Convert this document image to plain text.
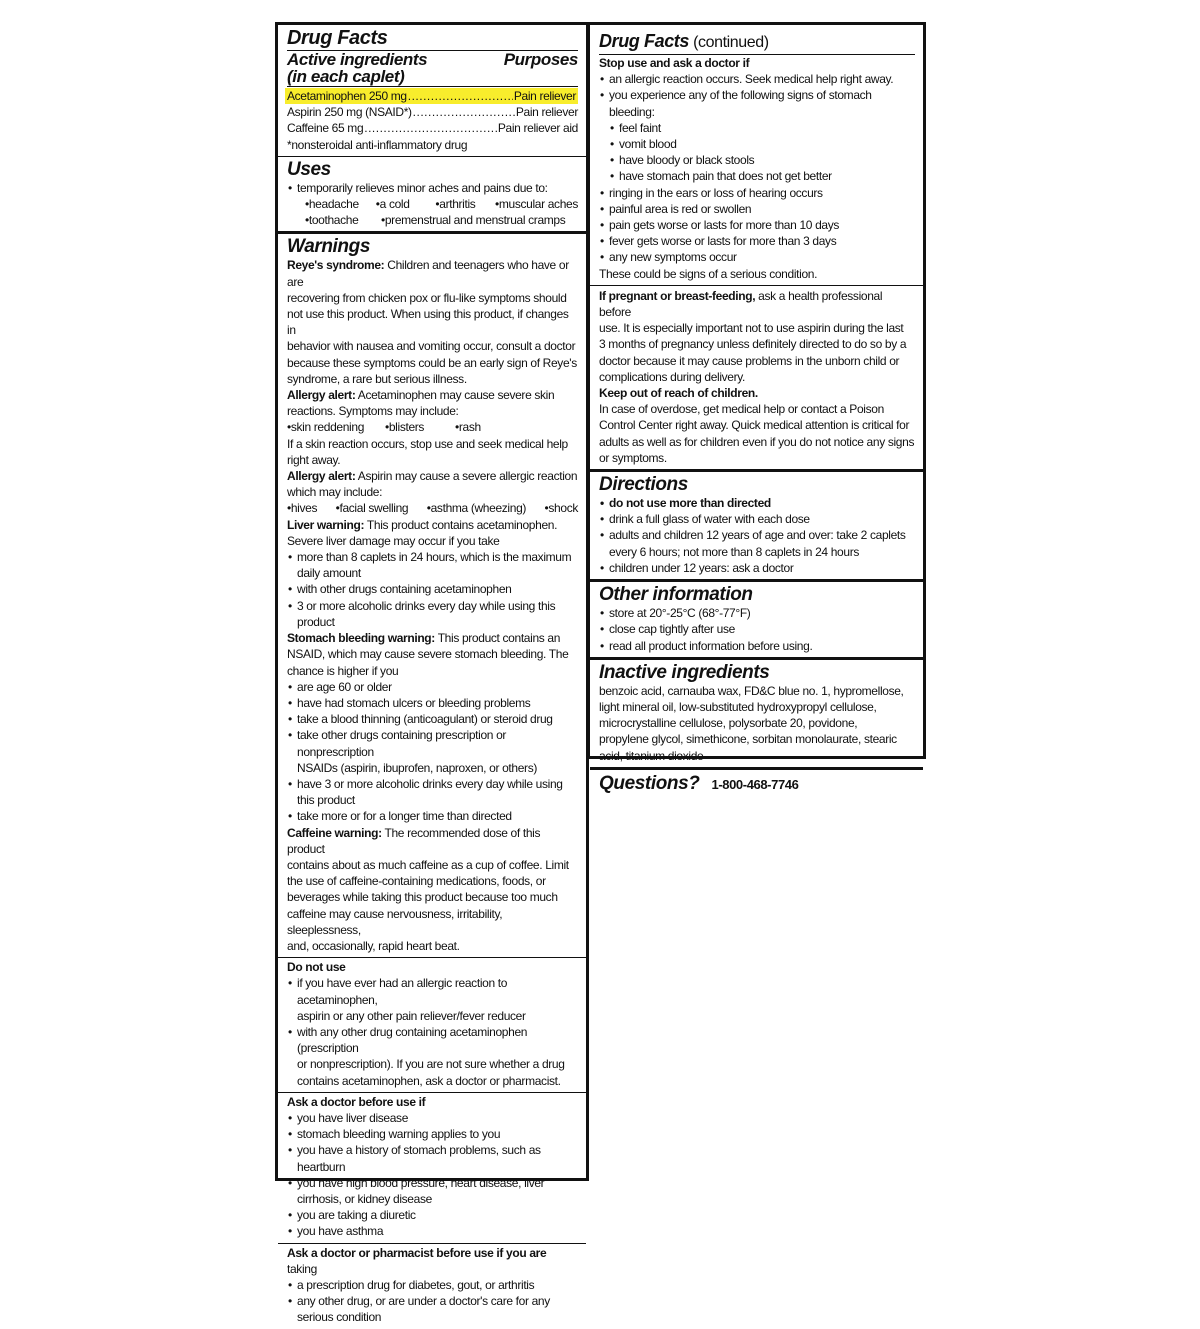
Drug Facts

Active ingredients

(in each caplet)

Purposes

Acetaminophen 250 mg .....	Pain reliever
Aspirin 250 mg (NSAID*) .....	Pain reliever
Caffeine 65 mg .....	Pain reliever aid

*nonsteroidal anti-inflammatory drug

Uses

• temporarily relieves minor aches and pains due to:
• headache	• a cold	• arthritis	• muscular aches
• toothache	• premenstrual and menstrual cramps

Warnings

Reye's syndrome: Children and teenagers who have or are

recovering from chicken pox or flu-like symptoms should

not use this product. When using this product, if changes in

behavior with nausea and vomiting occur, consult a doctor

because these symptoms could be an early sign of Reye's

syndrome, a rare but serious illness.

Allergy alert: Acetaminophen may cause severe skin

reactions. Symptoms may include:

• skin reddening	• blisters	• rash

If a skin reaction occurs, stop use and seek medical help

right away.

Allergy alert: Aspirin may cause a severe allergic reaction

which may include:

• hives	• facial swelling	• asthma (wheezing)	• shock

Liver warning: This product contains acetaminophen.

Severe liver damage may occur if you take

• more than 8 caplets in 24 hours, which is the maximum
daily amount
• with other drugs containing acetaminophen
• 3 or more alcoholic drinks every day while using this
product

Stomach bleeding warning: This product contains an

NSAID, which may cause severe stomach bleeding. The

chance is higher if you

• are age 60 or older
• have had stomach ulcers or bleeding problems
• take a blood thinning (anticoagulant) or steroid drug
• take other drugs containing prescription or nonprescription
NSAIDs (aspirin, ibuprofen, naproxen, or others)
• have 3 or more alcoholic drinks every day while using
this product
• take more or for a longer time than directed

Caffeine warning: The recommended dose of this product

contains about as much caffeine as a cup of coffee. Limit

the use of caffeine-containing medications, foods, or

beverages while taking this product because too much

caffeine may cause nervousness, irritability, sleeplessness,

and, occasionally, rapid heart beat.

Do not use

• if you have ever had an allergic reaction to acetaminophen,
aspirin or any other pain reliever/fever reducer
• with any other drug containing acetaminophen (prescription
or nonprescription). If you are not sure whether a drug
contains acetaminophen, ask a doctor or pharmacist.

Ask a doctor before use if

• you have liver disease
• stomach bleeding warning applies to you
• you have a history of stomach problems, such as heartburn
• you have high blood pressure, heart disease, liver
cirrhosis, or kidney disease
• you are taking a diuretic
• you have asthma

Ask a doctor or pharmacist before use if you are taking

• a prescription drug for diabetes, gout, or arthritis
• any other drug, or are under a doctor's care for any
serious condition

Drug Facts (continued)

Stop use and ask a doctor if

• an allergic reaction occurs. Seek medical help right away.
• you experience any of the following signs of stomach bleeding:
• feel faint
• vomit blood
• have bloody or black stools
• have stomach pain that does not get better
• ringing in the ears or loss of hearing occurs
• painful area is red or swollen
• pain gets worse or lasts for more than 10 days
• fever gets worse or lasts for more than 3 days
• any new symptoms occur

These could be signs of a serious condition.

If pregnant or breast-feeding, ask a health professional before

use. It is especially important not to use aspirin during the last

3 months of pregnancy unless definitely directed to do so by a

doctor because it may cause problems in the unborn child or

complications during delivery.

Keep out of reach of children.

In case of overdose, get medical help or contact a Poison

Control Center right away. Quick medical attention is critical for

adults as well as for children even if you do not notice any signs

or symptoms.

Directions

• do not use more than directed
• drink a full glass of water with each dose
• adults and children 12 years of age and over: take 2 caplets
every 6 hours; not more than 8 caplets in 24 hours
• children under 12 years: ask a doctor

Other information

• store at 20°-25°C (68°-77°F)
• close cap tightly after use
• read all product information before using.

Inactive ingredients

benzoic acid, carnauba wax, FD&C blue no. 1, hypromellose,

light mineral oil, low-substituted hydroxypropyl cellulose,

microcrystalline cellulose, polysorbate 20, povidone,

propylene glycol, simethicone, sorbitan monolaurate, stearic

acid, titanium dioxide

Questions? 1-800-468-7746
